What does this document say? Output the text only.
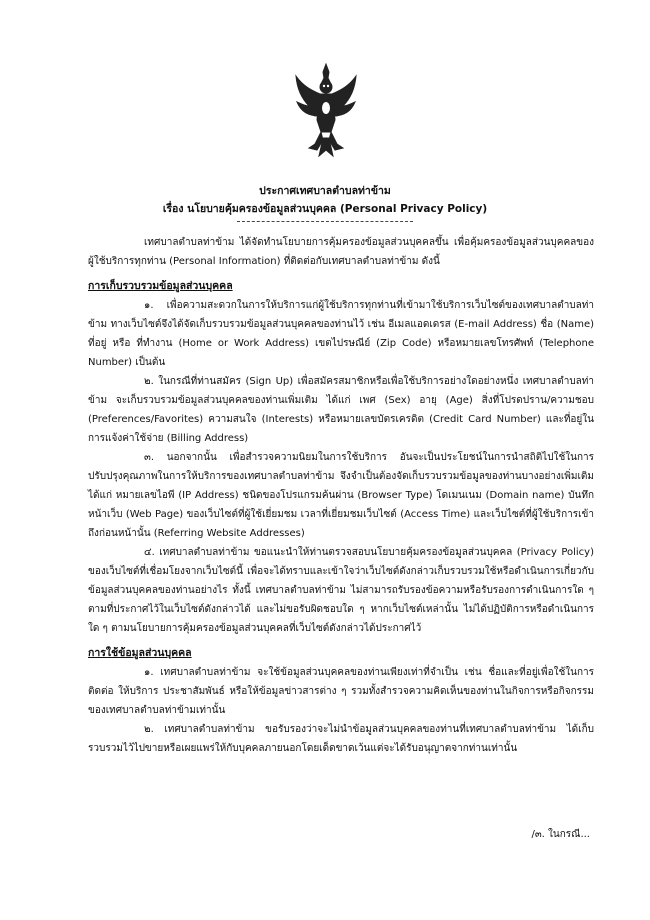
ประกาศเทศบาลตำบลท่าข้าม
เรื่อง นโยบายคุ้มครองข้อมูลส่วนบุคคล (Personal Privacy Policy)

เทศบาลตำบลท่าข้าม ได้จัดทำนโยบายการคุ้มครองข้อมูลส่วนบุคคลขึ้น เพื่อคุ้มครองข้อมูลส่วนบุคคลของผู้ใช้บริการทุกท่าน (Personal Information) ที่ติดต่อกับเทศบาลตำบลท่าข้าม ดังนี้

การเก็บรวบรวมข้อมูลส่วนบุคคล

๑. เพื่อความสะดวกในการให้บริการแก่ผู้ใช้บริการทุกท่านที่เข้ามาใช้บริการเว็บไซต์ของเทศบาลตำบลท่าข้าม ทางเว็บไซต์จึงได้จัดเก็บรวบรวมข้อมูลส่วนบุคคลของท่านไว้ เช่น อีเมลแอดเดรส (E-mail Address) ชื่อ (Name) ที่อยู่ หรือ ที่ทำงาน (Home or Work Address) เขตไปรษณีย์ (Zip Code) หรือหมายเลขโทรศัพท์ (Telephone Number) เป็นต้น

๒. ในกรณีที่ท่านสมัคร (Sign Up) เพื่อสมัครสมาชิกหรือเพื่อใช้บริการอย่างใดอย่างหนึ่ง เทศบาลตำบลท่าข้าม จะเก็บรวบรวมข้อมูลส่วนบุคคลของท่านเพิ่มเติม ได้แก่ เพศ (Sex) อายุ (Age) สิ่งที่โปรดปราน/ความชอบ (Preferences/Favorites) ความสนใจ (Interests) หรือหมายเลขบัตรเครดิต (Credit Card Number) และที่อยู่ในการแจ้งค่าใช้จ่าย (Billing Address)

๓. นอกจากนั้น เพื่อสำรวจความนิยมในการใช้บริการ อันจะเป็นประโยชน์ในการนำสถิติไปใช้ในการปรับปรุงคุณภาพในการให้บริการของเทศบาลตำบลท่าข้าม จึงจำเป็นต้องจัดเก็บรวบรวมข้อมูลของท่านบางอย่างเพิ่มเติม ได้แก่ หมายเลขไอพี (IP Address) ชนิดของโปรแกรมค้นผ่าน (Browser Type) โดเมนเนม (Domain name) บันทึกหน้าเว็บ (Web Page) ของเว็บไซต์ที่ผู้ใช้เยี่ยมชม เวลาที่เยี่ยมชมเว็บไซต์ (Access Time) และเว็บไซต์ที่ผู้ใช้บริการเข้าถึงก่อนหน้านั้น (Referring Website Addresses)

๔. เทศบาลตำบลท่าข้าม ขอแนะนำให้ท่านตรวจสอบนโยบายคุ้มครองข้อมูลส่วนบุคคล (Privacy Policy) ของเว็บไซต์ที่เชื่อมโยงจากเว็บไซต์นี้ เพื่อจะได้ทราบและเข้าใจว่าเว็บไซต์ดังกล่าวเก็บรวบรวมใช้หรือดำเนินการเกี่ยวกับข้อมูลส่วนบุคคลของท่านอย่างไร ทั้งนี้ เทศบาลตำบลท่าข้าม ไม่สามารถรับรองข้อความหรือรับรองการดำเนินการใด ๆ ตามที่ประกาศไว้ในเว็บไซต์ดังกล่าวได้ และไม่ขอรับผิดชอบใด ๆ หากเว็บไซต์เหล่านั้น ไม่ได้ปฏิบัติการหรือดำเนินการใด ๆ ตามนโยบายการคุ้มครองข้อมูลส่วนบุคคลที่เว็บไซต์ดังกล่าวได้ประกาศไว้

การใช้ข้อมูลส่วนบุคคล

๑. เทศบาลตำบลท่าข้าม จะใช้ข้อมูลส่วนบุคคลของท่านเพียงเท่าที่จำเป็น เช่น ชื่อและที่อยู่เพื่อใช้ในการติดต่อ ให้บริการ ประชาสัมพันธ์ หรือให้ข้อมูลข่าวสารต่าง ๆ รวมทั้งสำรวจความคิดเห็นของท่านในกิจการหรือกิจกรรมของเทศบาลตำบลท่าข้ามเท่านั้น

๒. เทศบาลตำบลท่าข้าม ขอรับรองว่าจะไม่นำข้อมูลส่วนบุคคลของท่านที่เทศบาลตำบลท่าข้าม ได้เก็บรวบรวมไว้ไปขายหรือเผยแพร่ให้กับบุคคลภายนอกโดยเด็ดขาดเว้นแต่จะได้รับอนุญาตจากท่านเท่านั้น

/๓. ในกรณี...
